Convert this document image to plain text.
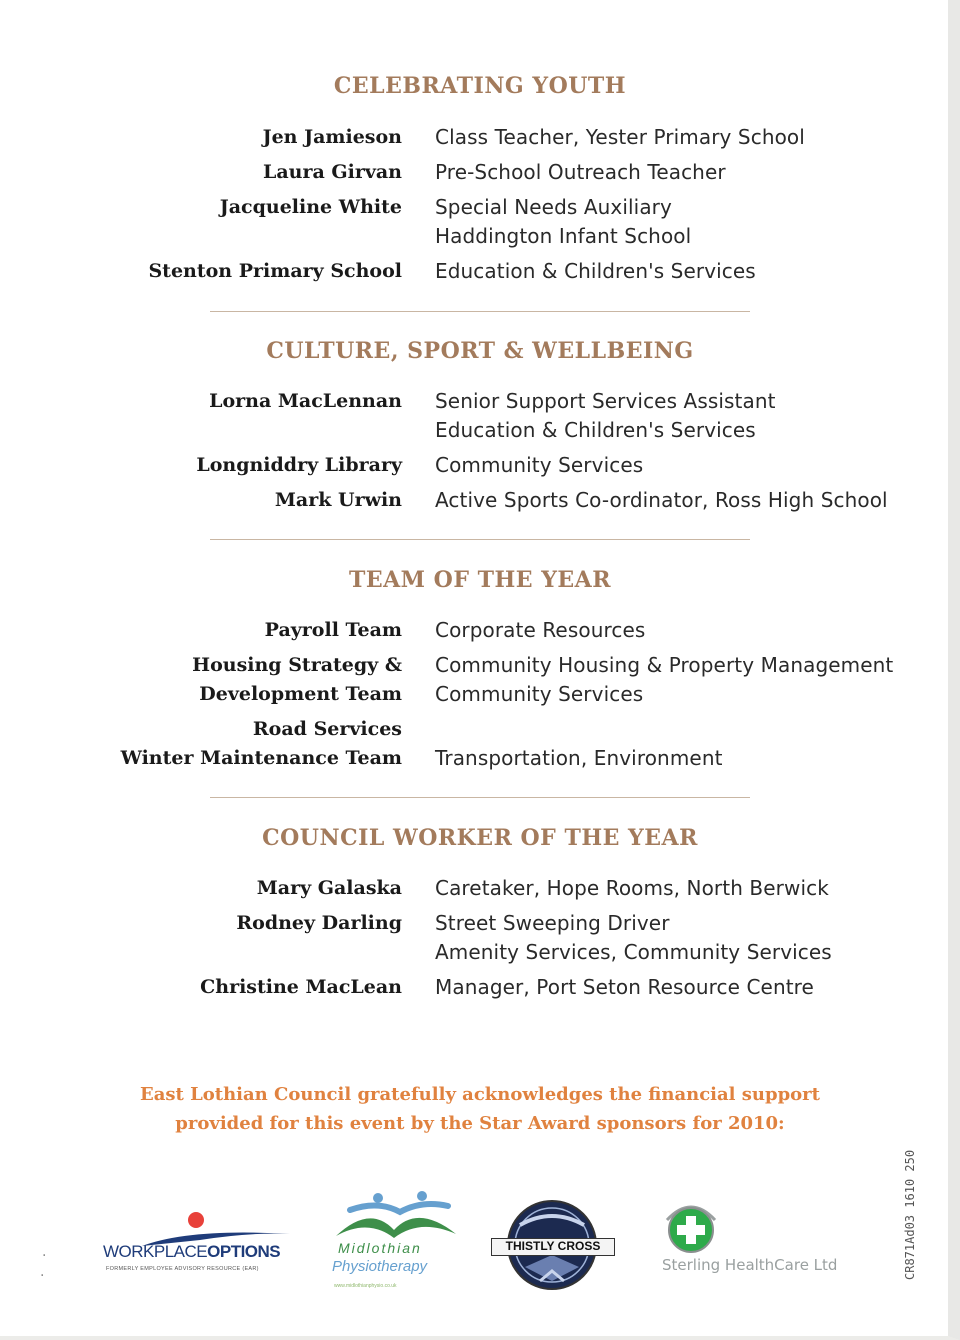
CELEBRATING YOUTH
Jen Jamieson Class Teacher, Yester Primary School
Laura Girvan Pre-School Outreach Teacher
Jacqueline White Special Needs Auxiliary
Haddington Infant School
Stenton Primary School Education & Children's Services
CULTURE, SPORT & WELLBEING
Lorna MacLennan Senior Support Services Assistant
Education & Children's Services
Longniddry Library Community Services
Mark Urwin Active Sports Co-ordinator, Ross High School
TEAM OF THE YEAR
Payroll Team Corporate Resources
Housing Strategy &
Development Team
Community Housing & Property Management
Community Services
Road Services
Winter Maintenance Team
Transportation, Environment
COUNCIL WORKER OF THE YEAR
Mary Galaska Caretaker, Hope Rooms, North Berwick
Rodney Darling Street Sweeping Driver
Amenity Services, Community Services
Christine MacLean Manager, Port Seton Resource Centre
East Lothian Council gratefully acknowledges the financial support
provided for this event by the Star Award sponsors for 2010:
CR871Ad03 1610 250
WORKPLACEOPTIONS
FORMERLY EMPLOYEE ADVISORY RESOURCE (EAR)
Midlothian
Physiotherapy
www.midlothianphysio.co.uk
THISTLY CROSS
Sterling HealthCare Ltd
·
·
